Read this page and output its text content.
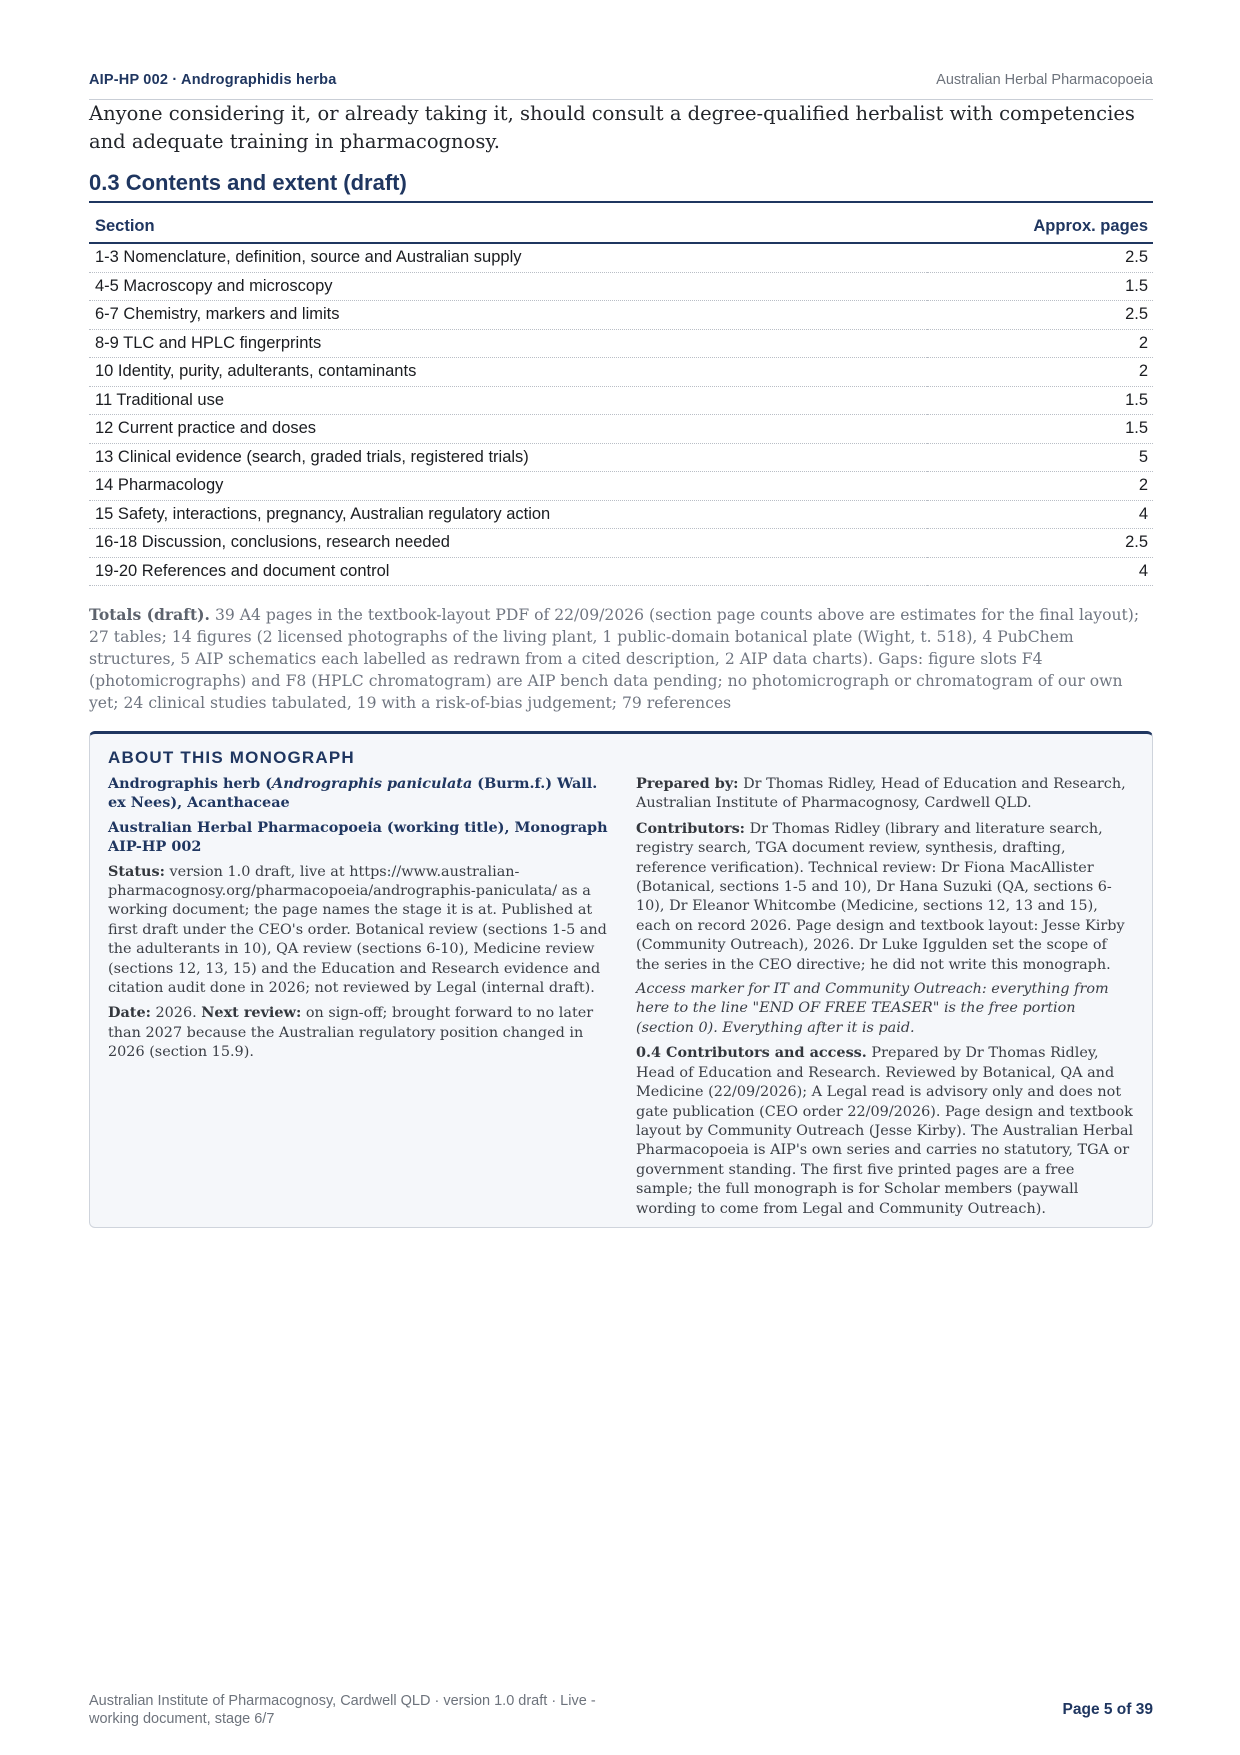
AIP-HP 002 · Andrographidis herba	Australian Herbal Pharmacopoeia

Anyone considering it, or already taking it, should consult a degree-qualified herbalist with competencies and adequate training in pharmacognosy.

0.3 Contents and extent (draft)
Section	Approx. pages
1-3 Nomenclature, definition, source and Australian supply	2.5
4-5 Macroscopy and microscopy	1.5
6-7 Chemistry, markers and limits	2.5
8-9 TLC and HPLC fingerprints	2
10 Identity, purity, adulterants, contaminants	2
11 Traditional use	1.5
12 Current practice and doses	1.5
13 Clinical evidence (search, graded trials, registered trials)	5
14 Pharmacology	2
15 Safety, interactions, pregnancy, Australian regulatory action	4
16-18 Discussion, conclusions, research needed	2.5
19-20 References and document control	4

Totals (draft). 39 A4 pages in the textbook-layout PDF of 22/09/2026 (section page counts above are estimates for the final layout); 27 tables; 14 figures (2 licensed photographs of the living plant, 1 public-domain botanical plate (Wight, t. 518), 4 PubChem structures, 5 AIP schematics each labelled as redrawn from a cited description, 2 AIP data charts). Gaps: figure slots F4 (photomicrographs) and F8 (HPLC chromatogram) are AIP bench data pending; no photomicrograph or chromatogram of our own yet; 24 clinical studies tabulated, 19 with a risk-of-bias judgement; 79 references

ABOUT THIS MONOGRAPH

Andrographis herb (Andrographis paniculata (Burm.f.) Wall. ex Nees), Acanthaceae

Australian Herbal Pharmacopoeia (working title), Monograph AIP-HP 002

Status: version 1.0 draft, live at https://www.australian-pharmacognosy.org/pharmacopoeia/andrographis-paniculata/ as a working document; the page names the stage it is at. Published at first draft under the CEO's order. Botanical review (sections 1-5 and the adulterants in 10), QA review (sections 6-10), Medicine review (sections 12, 13, 15) and the Education and Research evidence and citation audit done in 2026; not reviewed by Legal (internal draft).

Date: 2026. Next review: on sign-off; brought forward to no later than 2027 because the Australian regulatory position changed in 2026 (section 15.9).

Prepared by: Dr Thomas Ridley, Head of Education and Research, Australian Institute of Pharmacognosy, Cardwell QLD.

Contributors: Dr Thomas Ridley (library and literature search, registry search, TGA document review, synthesis, drafting, reference verification). Technical review: Dr Fiona MacAllister (Botanical, sections 1-5 and 10), Dr Hana Suzuki (QA, sections 6-10), Dr Eleanor Whitcombe (Medicine, sections 12, 13 and 15), each on record 2026. Page design and textbook layout: Jesse Kirby (Community Outreach), 2026. Dr Luke Iggulden set the scope of the series in the CEO directive; he did not write this monograph.

Access marker for IT and Community Outreach: everything from here to the line "END OF FREE TEASER" is the free portion (section 0). Everything after it is paid.

0.4 Contributors and access. Prepared by Dr Thomas Ridley, Head of Education and Research. Reviewed by Botanical, QA and Medicine (22/09/2026); A Legal read is advisory only and does not gate publication (CEO order 22/09/2026). Page design and textbook layout by Community Outreach (Jesse Kirby). The Australian Herbal Pharmacopoeia is AIP's own series and carries no statutory, TGA or government standing. The first five printed pages are a free sample; the full monograph is for Scholar members (paywall wording to come from Legal and Community Outreach).

Australian Institute of Pharmacognosy, Cardwell QLD · version 1.0 draft · Live - working document, stage 6/7
Page 5 of 39
